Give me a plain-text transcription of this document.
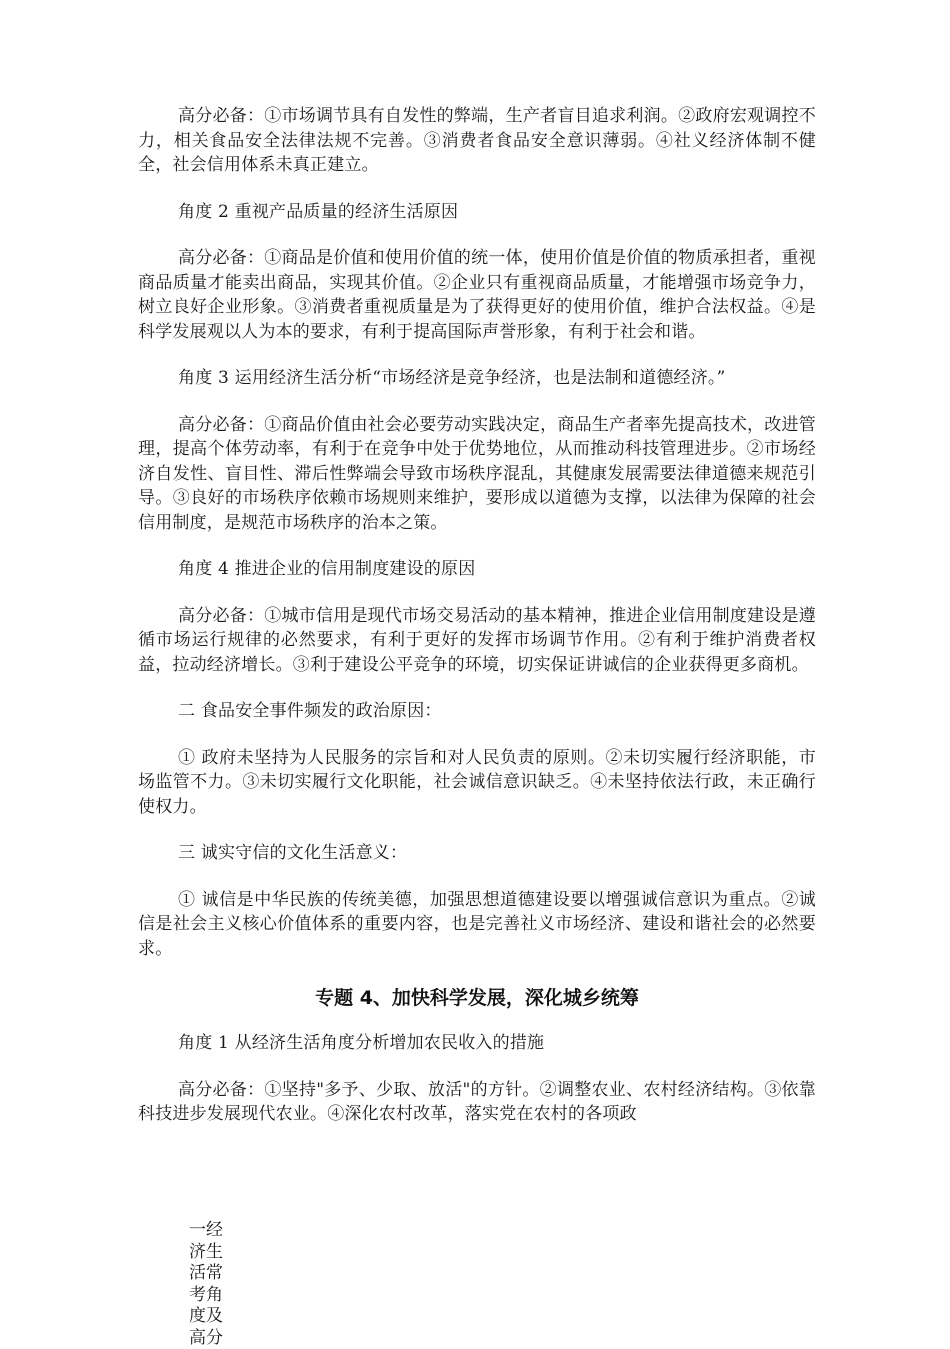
高分必备：①市场调节具有自发性的弊端，生产者盲目追求利润。②政府宏观调控不力，相关食品安全法律法规不完善。③消费者食品安全意识薄弱。④社义经济体制不健全，社会信用体系未真正建立。

角度 2 重视产品质量的经济生活原因

高分必备：①商品是价值和使用价值的统一体，使用价值是价值的物质承担者，重视商品质量才能卖出商品，实现其价值。②企业只有重视商品质量，才能增强市场竞争力，树立良好企业形象。③消费者重视质量是为了获得更好的使用价值，维护合法权益。④是科学发展观以人为本的要求，有利于提高国际声誉形象，有利于社会和谐。

角度 3 运用经济生活分析“市场经济是竞争经济，也是法制和道德经济。”

高分必备：①商品价值由社会必要劳动实践决定，商品生产者率先提高技术，改进管理，提高个体劳动率，有利于在竞争中处于优势地位，从而推动科技管理进步。②市场经济自发性、盲目性、滞后性弊端会导致市场秩序混乱，其健康发展需要法律道德来规范引导。③良好的市场秩序依赖市场规则来维护，要形成以道德为支撑，以法律为保障的社会信用制度，是规范市场秩序的治本之策。

角度 4 推进企业的信用制度建设的原因

高分必备：①城市信用是现代市场交易活动的基本精神，推进企业信用制度建设是遵循市场运行规律的必然要求，有利于更好的发挥市场调节作用。②有利于维护消费者权益，拉动经济增长。③利于建设公平竞争的环境，切实保证讲诚信的企业获得更多商机。

二 食品安全事件频发的政治原因：

① 政府未坚持为人民服务的宗旨和对人民负责的原则。②未切实履行经济职能，市场监管不力。③未切实履行文化职能，社会诚信意识缺乏。④未坚持依法行政，未正确行使权力。

三 诚实守信的文化生活意义：

① 诚信是中华民族的传统美德，加强思想道德建设要以增强诚信意识为重点。②诚信是社会主义核心价值体系的重要内容，也是完善社义市场经济、建设和谐社会的必然要求。

专题 4、加快科学发展，深化城乡统筹

角度 1 从经济生活角度分析增加农民收入的措施

高分必备：①坚持"多予、少取、放活"的方针。②调整农业、农村经济结构。③依靠科技进步发展现代农业。④深化农村改革，落实党在农村的各项政

一经
济生
活常
考角
度及
高分
